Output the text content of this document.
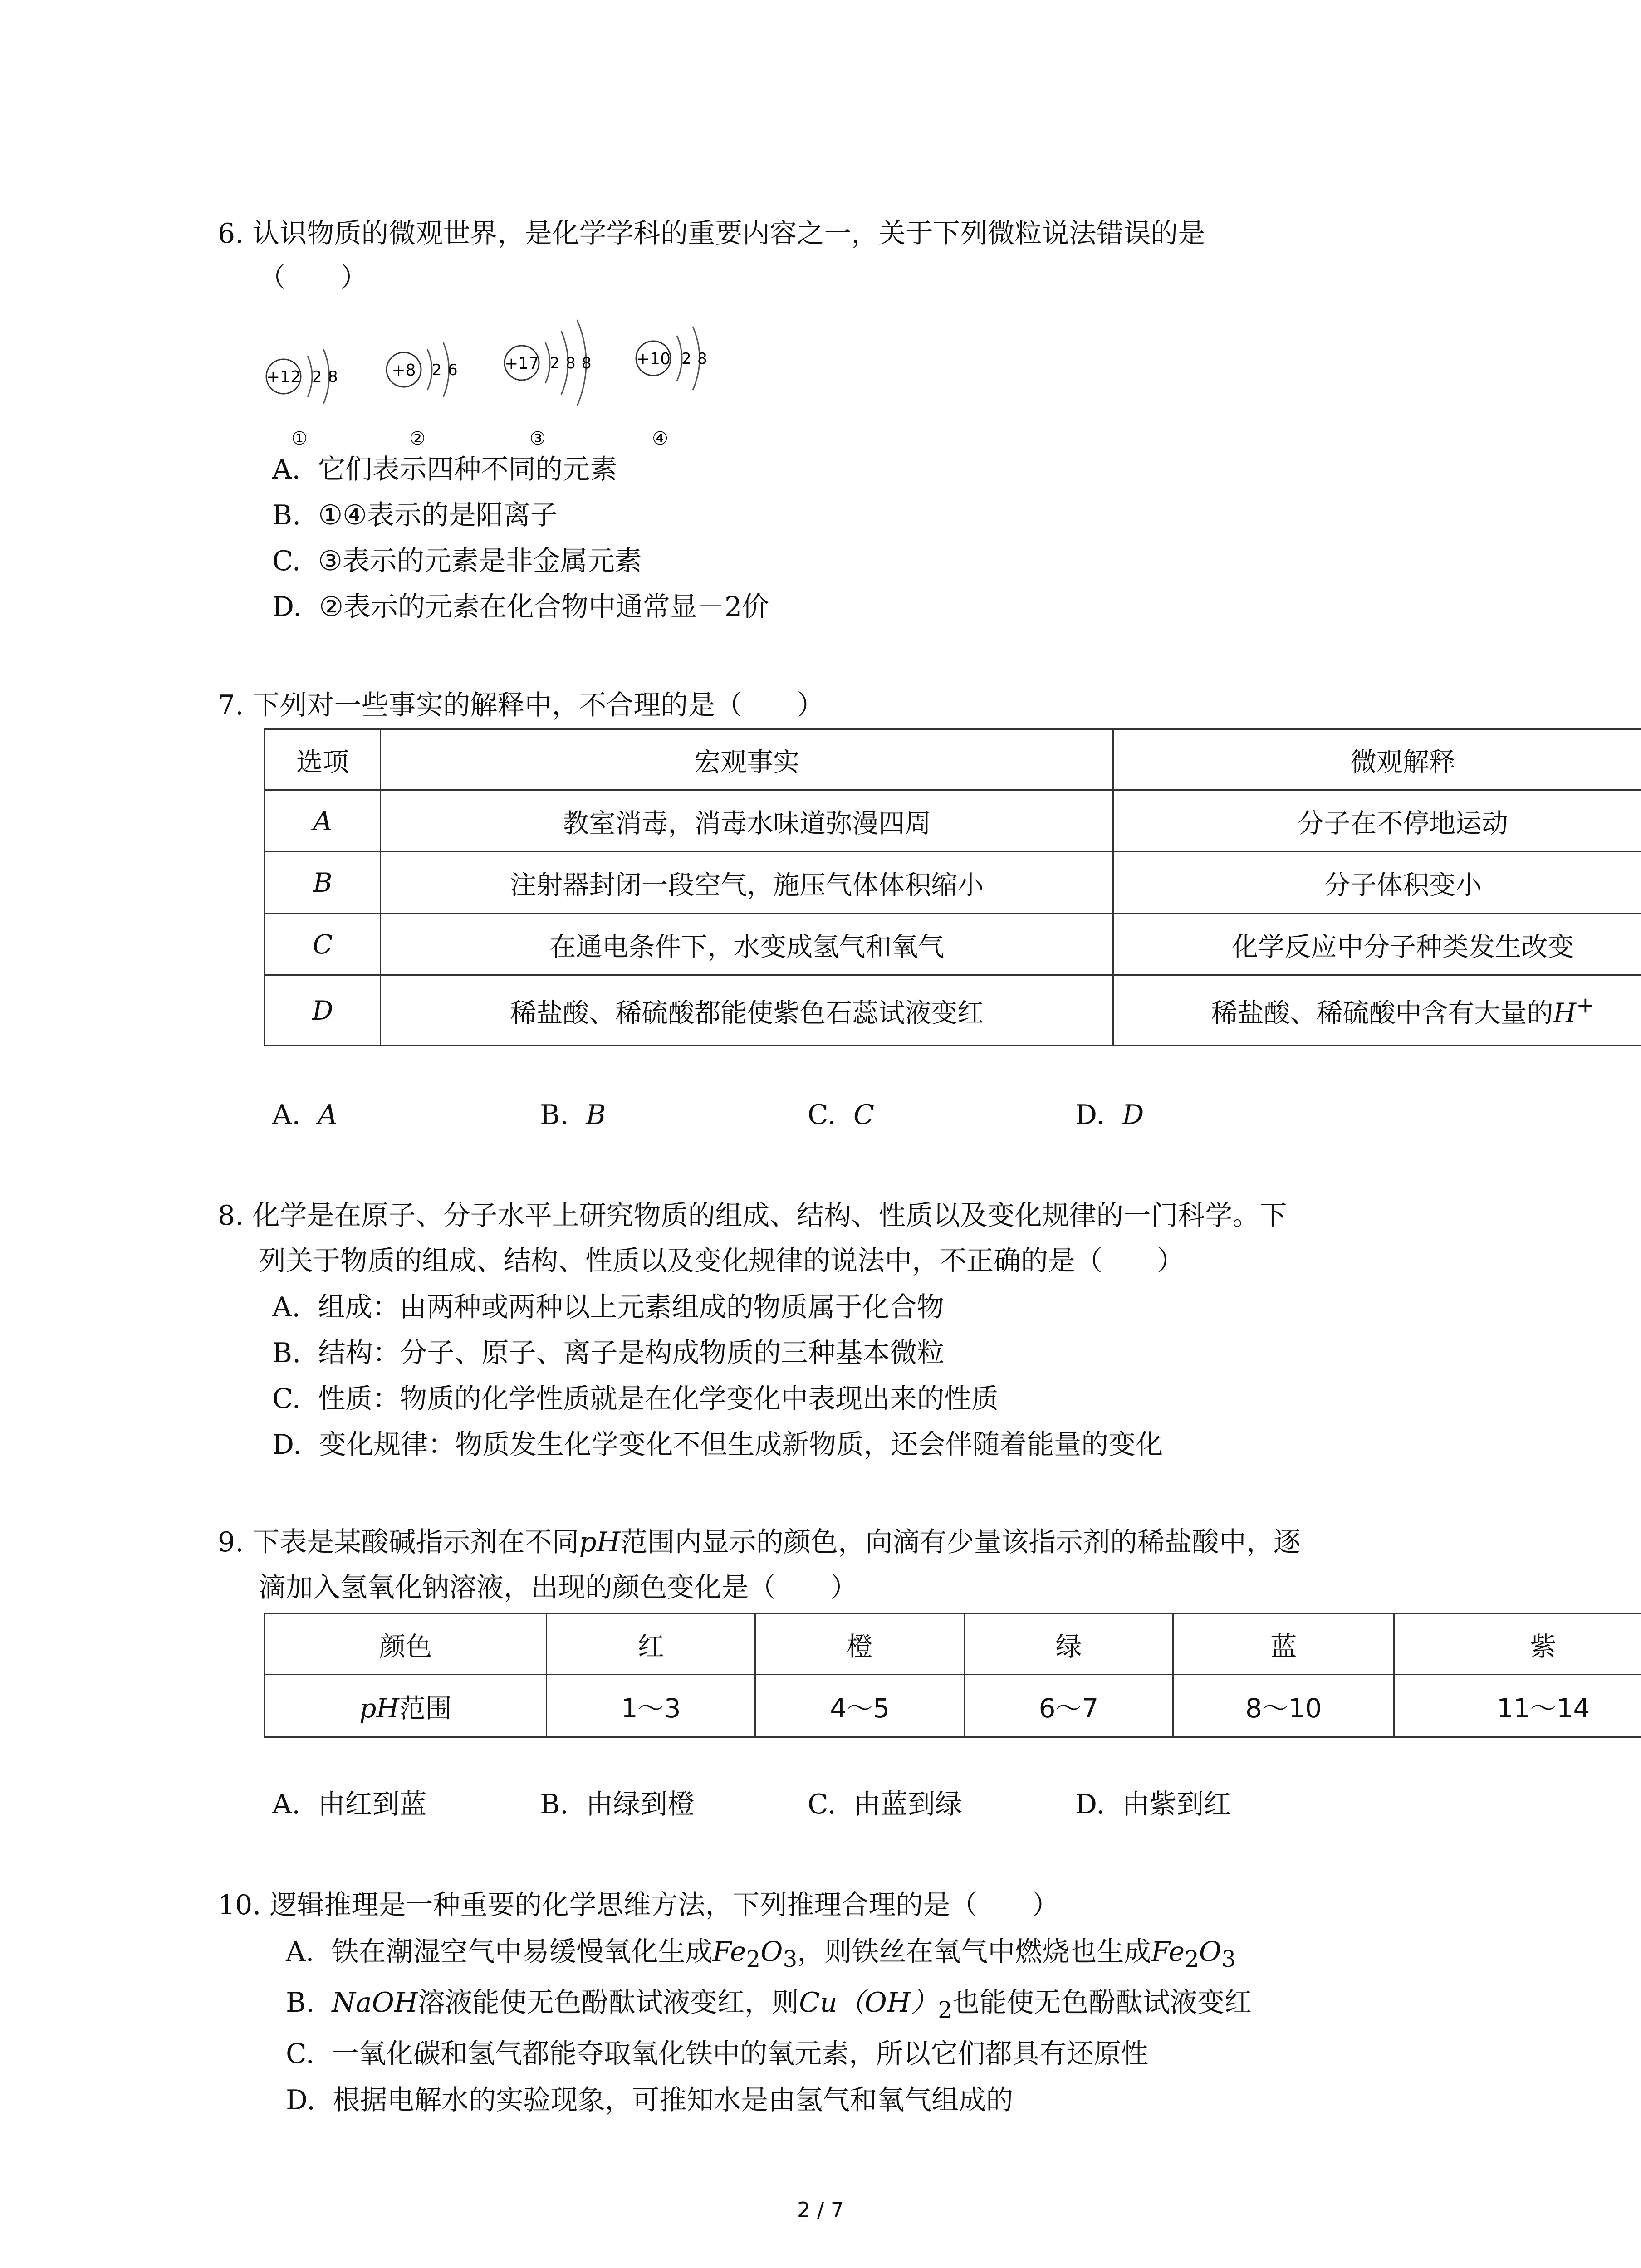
6. 认识物质的微观世界，是化学学科的重要内容之一，关于下列微粒说法错误的是
（　　）
+12 2 8
①
+8 2 6
②
+17 2 8 8
③
+10 2 8
④
A. 它们表示四种不同的元素
B. ①④表示的是阳离子
C. ③表示的元素是非金属元素
D. ②表示的元素在化合物中通常显－2价
7. 下列对一些事实的解释中，不合理的是（　　）
选项	宏观事实	微观解释
A	教室消毒，消毒水味道弥漫四周	分子在不停地运动
B	注射器封闭一段空气，施压气体体积缩小	分子体积变小
C	在通电条件下，水变成氢气和氧气	化学反应中分子种类发生改变
D	稀盐酸、稀硫酸都能使紫色石蕊试液变红	稀盐酸、稀硫酸中含有大量的H+
A. A	B. B	C. C	D. D
8. 化学是在原子、分子水平上研究物质的组成、结构、性质以及变化规律的一门科学。下
列关于物质的组成、结构、性质以及变化规律的说法中，不正确的是（　　）
A. 组成：由两种或两种以上元素组成的物质属于化合物
B. 结构：分子、原子、离子是构成物质的三种基本微粒
C. 性质：物质的化学性质就是在化学变化中表现出来的性质
D. 变化规律：物质发生化学变化不但生成新物质，还会伴随着能量的变化
9. 下表是某酸碱指示剂在不同pH范围内显示的颜色，向滴有少量该指示剂的稀盐酸中，逐
滴加入氢氧化钠溶液，出现的颜色变化是（　　）
颜色	红	橙	绿	蓝	紫
pH范围	1～3	4～5	6～7	8～10	11～14
A. 由红到蓝	B. 由绿到橙	C. 由蓝到绿	D. 由紫到红
10. 逻辑推理是一种重要的化学思维方法，下列推理合理的是（　　）
A. 铁在潮湿空气中易缓慢氧化生成$Fe_2O_3$，则铁丝在氧气中燃烧也生成$Fe_2O_3$
B. NaOH溶液能使无色酚酞试液变红，则$Cu(OH)_2$也能使无色酚酞试液变红
C. 一氧化碳和氢气都能夺取氧化铁中的氧元素，所以它们都具有还原性
D. 根据电解水的实验现象，可推知水是由氢气和氧气组成的
2 / 7
